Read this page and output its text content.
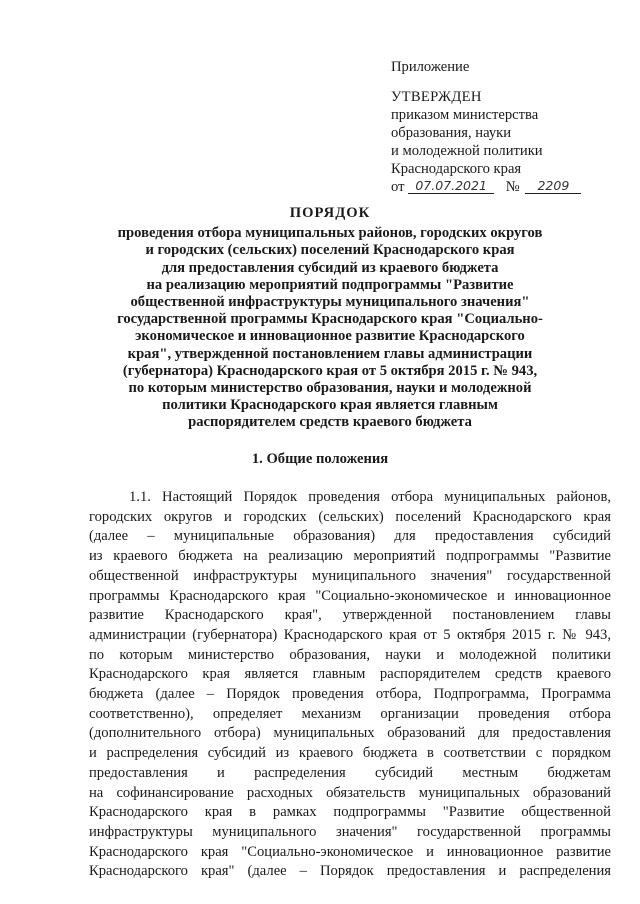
Приложение
УТВЕРЖДЕН
приказом министерства
образования, науки
и молодежной политики
Краснодарского края
от 07.07.2021 № 2209
ПОРЯДОК
проведения отбора муниципальных районов, городских округов
и городских (сельских) поселений Краснодарского края
для предоставления субсидий из краевого бюджета
на реализацию мероприятий подпрограммы "Развитие
общественной инфраструктуры муниципального значения"
государственной программы Краснодарского края "Социально-
экономическое и инновационное развитие Краснодарского
края", утвержденной постановлением главы администрации
(губернатора) Краснодарского края от 5 октября 2015 г. № 943,
по которым министерство образования, науки и молодежной
политики Краснодарского края является главным
распорядителем средств краевого бюджета
1. Общие положения
1.1. Настоящий Порядок проведения отбора муниципальных районов,
городских округов и городских (сельских) поселений Краснодарского края
(далее – муниципальные образования) для предоставления субсидий
из краевого бюджета на реализацию мероприятий подпрограммы "Развитие
общественной инфраструктуры муниципального значения" государственной
программы Краснодарского края "Социально-экономическое и инновационное
развитие Краснодарского края", утвержденной постановлением главы
администрации (губернатора) Краснодарского края от 5 октября 2015 г. № 943,
по которым министерство образования, науки и молодежной политики
Краснодарского края является главным распорядителем средств краевого
бюджета (далее – Порядок проведения отбора, Подпрограмма, Программа
соответственно), определяет механизм организации проведения отбора
(дополнительного отбора) муниципальных образований для предоставления
и распределения субсидий из краевого бюджета в соответствии с порядком
предоставления и распределения субсидий местным бюджетам
на софинансирование расходных обязательств муниципальных образований
Краснодарского края в рамках подпрограммы "Развитие общественной
инфраструктуры муниципального значения" государственной программы
Краснодарского края "Социально-экономическое и инновационное развитие
Краснодарского края" (далее – Порядок предоставления и распределения
